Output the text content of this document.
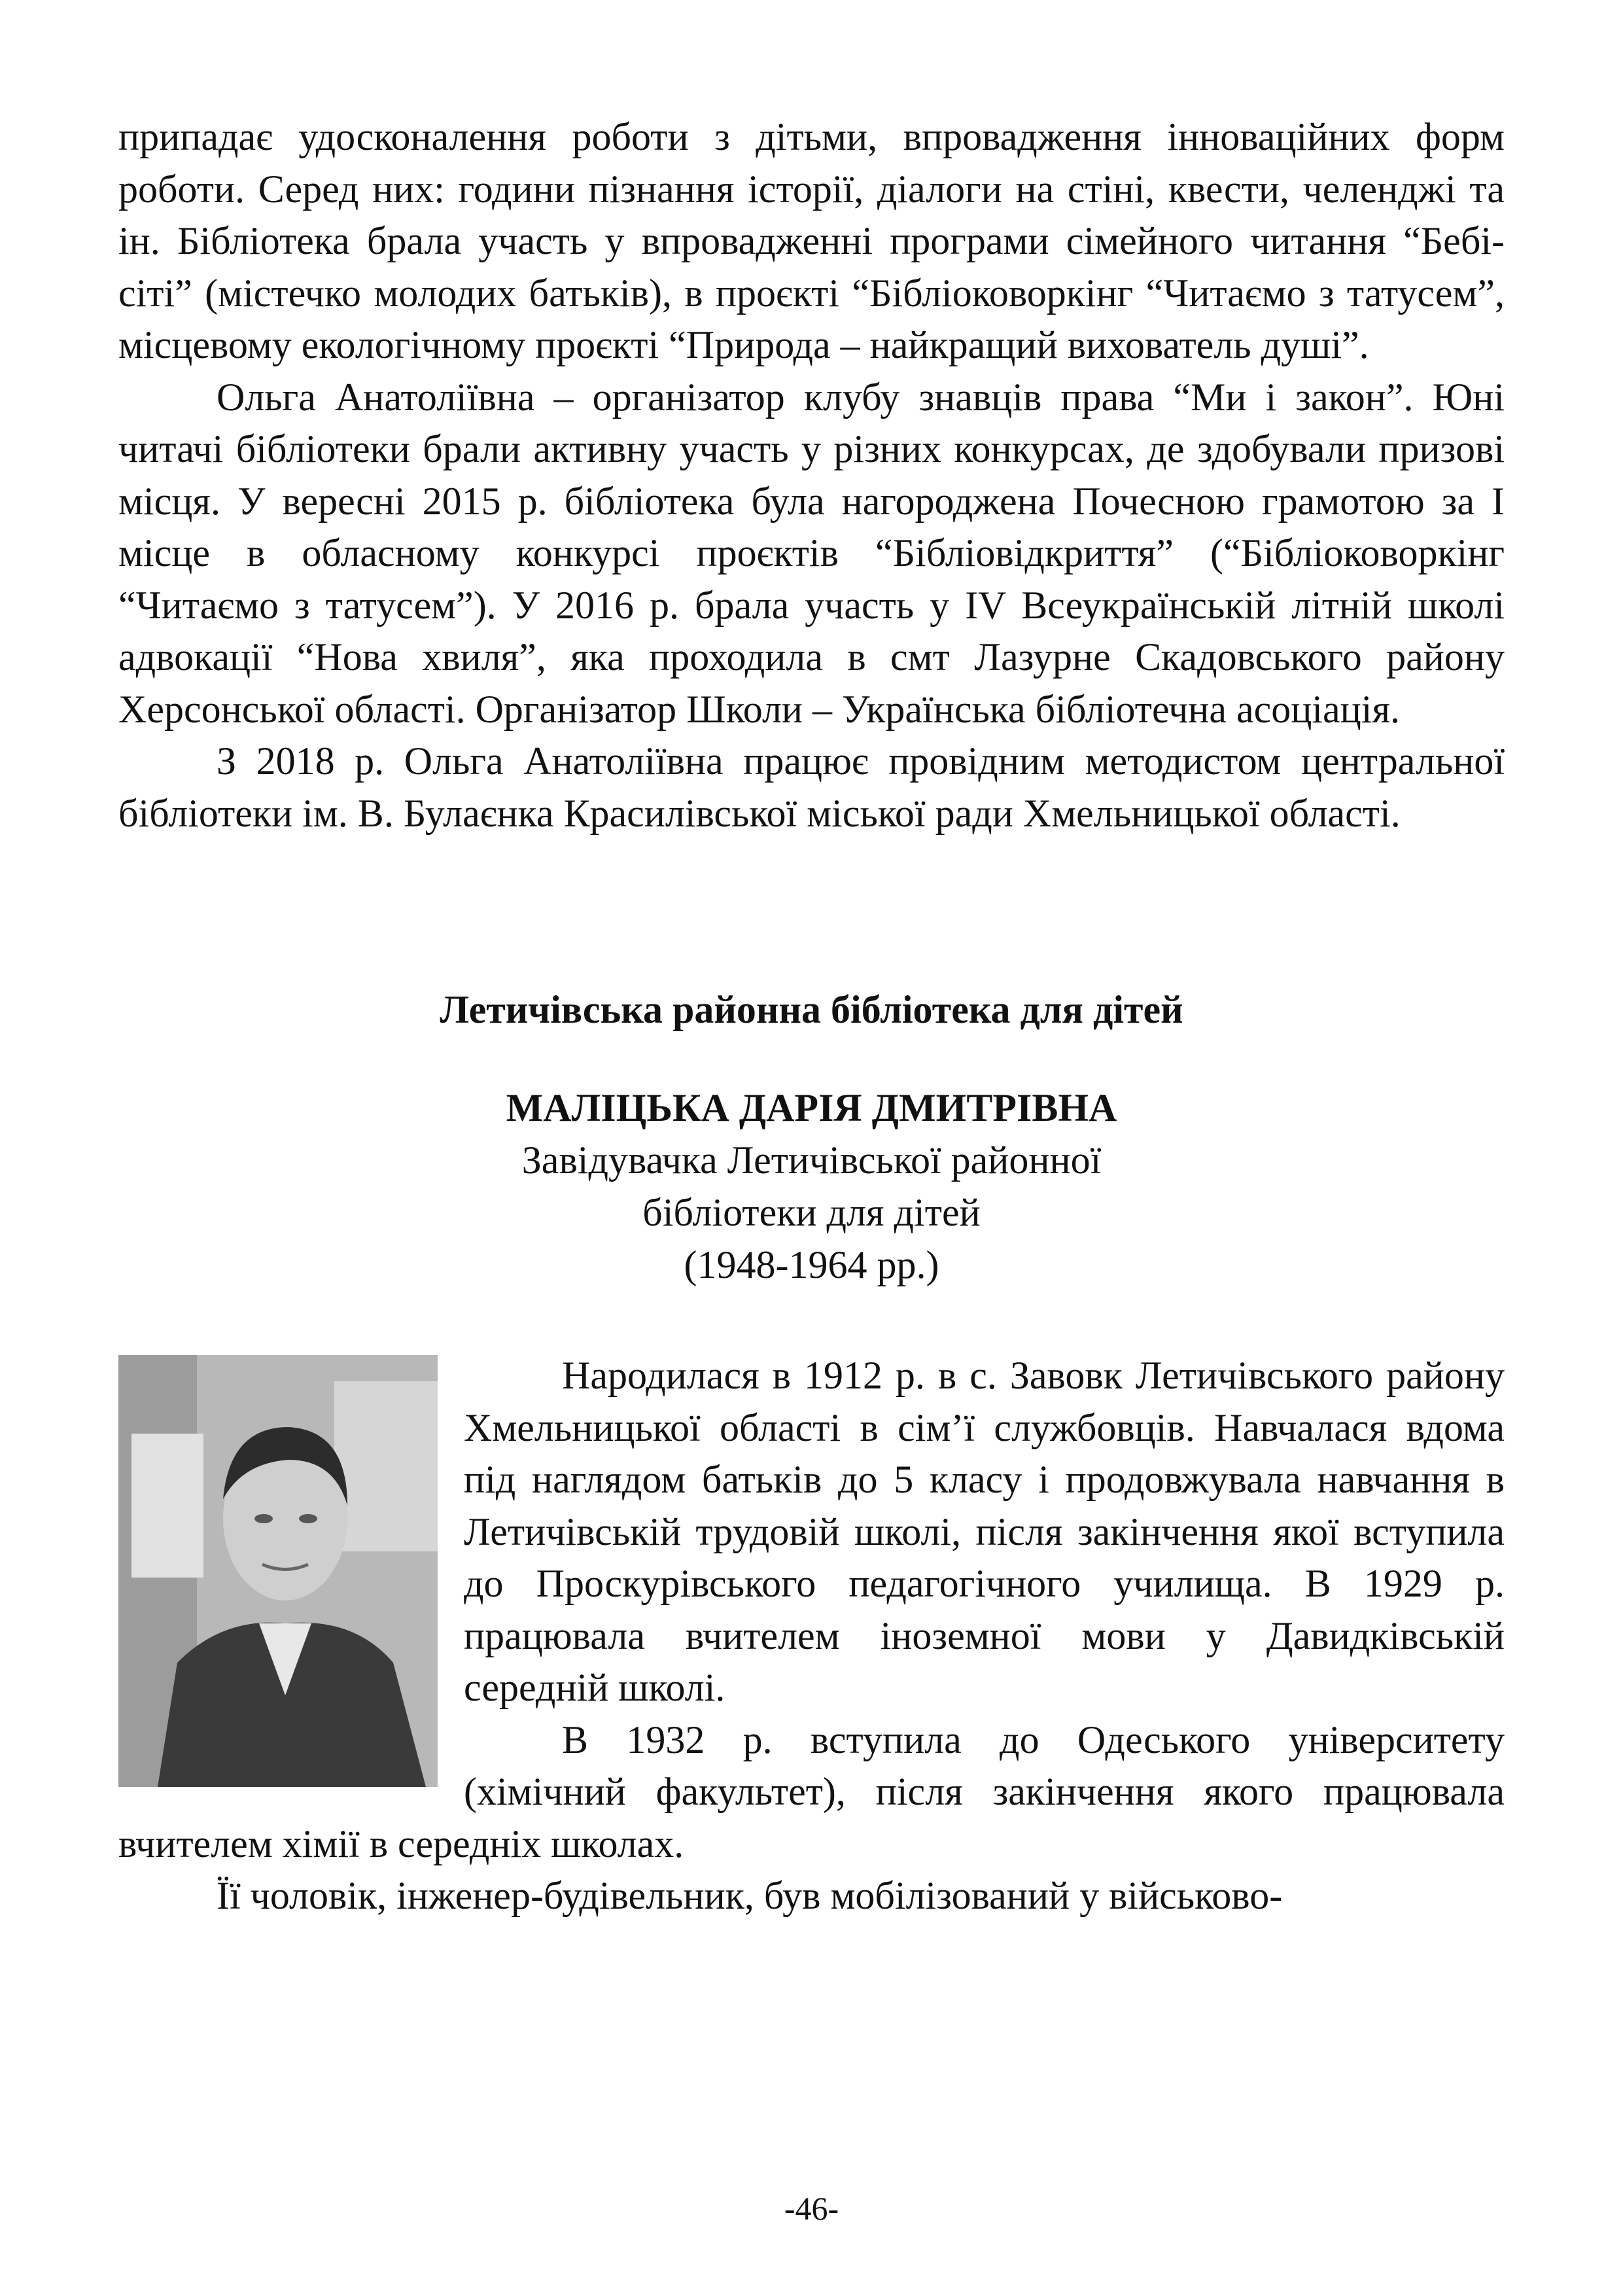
припадає удосконалення роботи з дітьми, впровадження інноваційних форм роботи. Серед них: години пізнання історії, діалоги на стіні, квести, челенджі та ін. Бібліотека брала участь у впровадженні програми сімейного читання “Бебі-сіті” (містечко молодих батьків), в проєкті “Бібліоковоркінг “Читаємо з татусем”, місцевому екологічному проєкті “Природа – найкращий вихователь душі”.

Ольга Анатоліївна – організатор клубу знавців права “Ми і закон”. Юні читачі бібліотеки брали активну участь у різних конкурсах, де здобували призові місця. У вересні 2015 р. бібліотека була нагороджена Почесною грамотою за І місце в обласному конкурсі проєктів “Бібліовідкриття” (“Бібліоковоркінг “Читаємо з татусем”). У 2016 р. брала участь у IV Всеукраїнській літній школі адвокації “Нова хвиля”, яка проходила в смт Лазурне Скадовського району Херсонської області. Організатор Школи – Українська бібліотечна асоціація.

З 2018 р. Ольга Анатоліївна працює провідним методистом центральної бібліотеки ім. В. Булаєнка Красилівської міської ради Хмельницької області.

Летичівська районна бібліотека для дітей

МАЛІЦЬКА ДАРІЯ ДМИТРІВНА

Завідувачка Летичівської районної

бібліотеки для дітей

(1948-1964 рр.)

Народилася в 1912 р. в с. Завовк Летичівського району Хмельницької області в сім’ї службовців. Навчалася вдома під наглядом батьків до 5 класу і продовжувала навчання в Летичівській трудовій школі, після закінчення якої вступила до Проскурівського педагогічного училища. В 1929 р. працювала вчителем іноземної мови у Давидківській середній школі.

В 1932 р. вступила до Одеського університету (хімічний факультет), після закінчення якого працювала вчителем хімії в середніх школах.

Її чоловік, інженер-будівельник, був мобілізований у військово-

-46-
